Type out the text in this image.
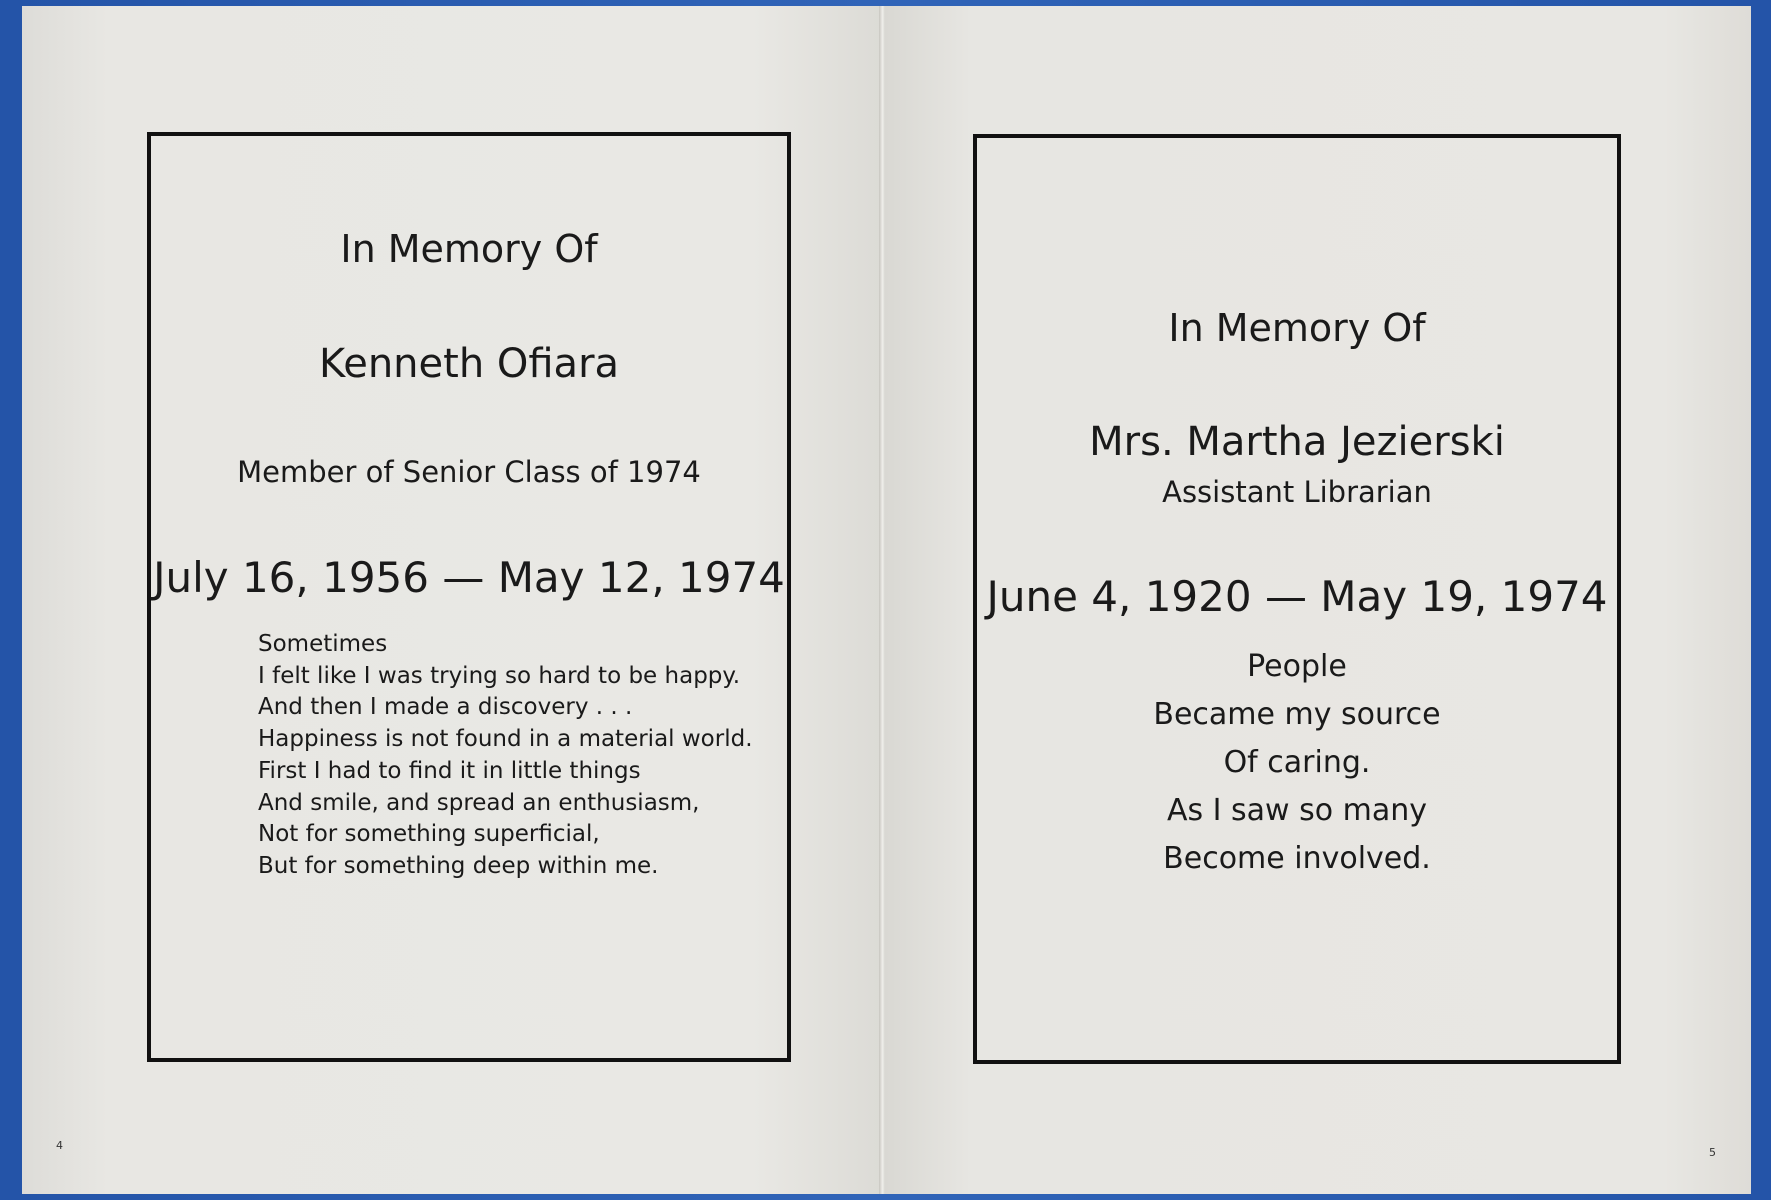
In Memory Of
Kenneth Ofiara
Member of Senior Class of 1974
July 16, 1956 — May 12, 1974
Sometimes
I felt like I was trying so hard to be happy.
And then I made a discovery . . .
Happiness is not found in a material world.
First I had to find it in little things
And smile, and spread an enthusiasm,
Not for something superficial,
But for something deep within me.
4
In Memory Of
Mrs. Martha Jezierski
Assistant Librarian
June 4, 1920 — May 19, 1974
People
Became my source
Of caring.
As I saw so many
Become involved.
5
